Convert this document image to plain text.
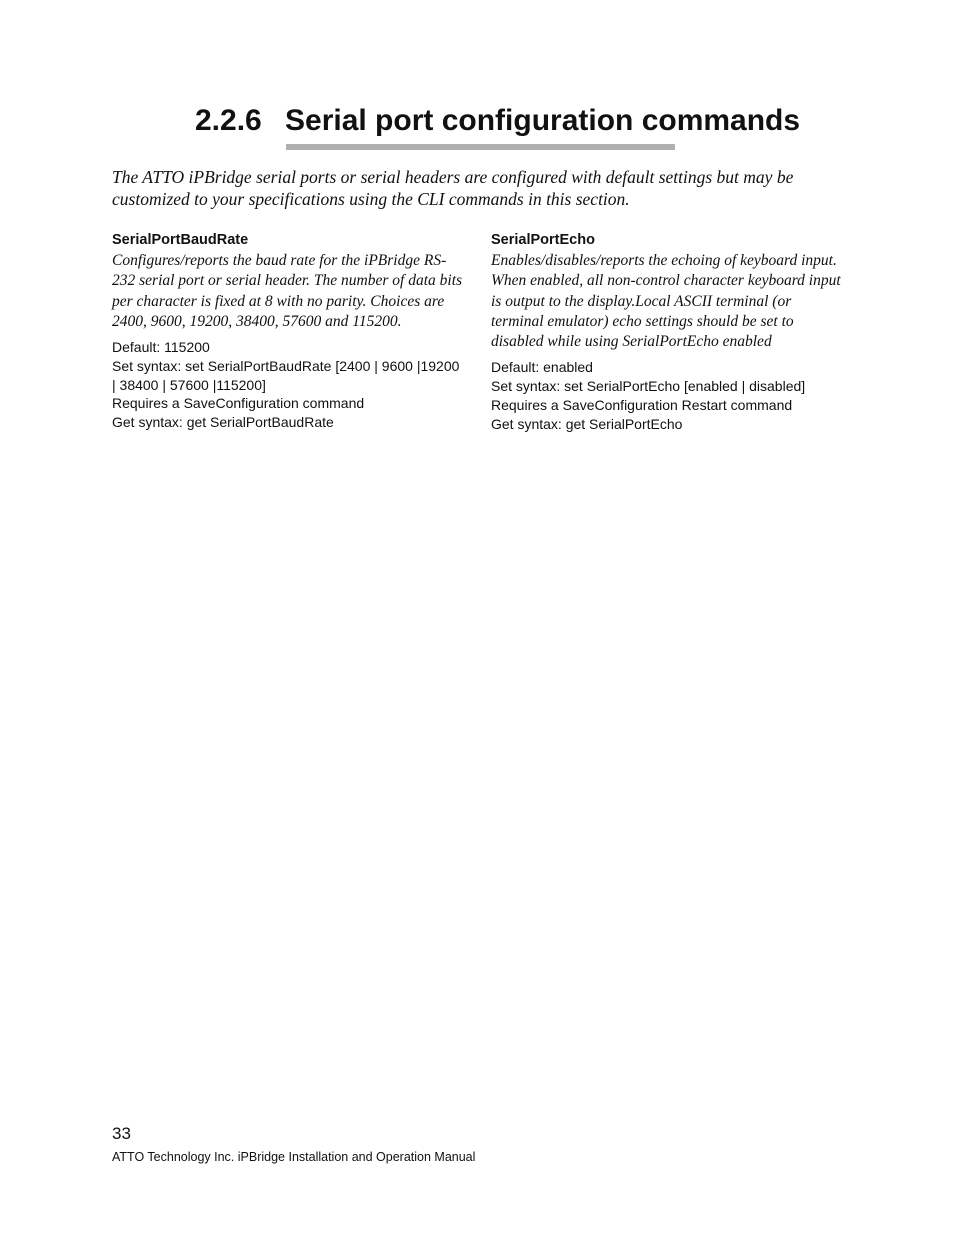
2.2.6 Serial port configuration commands

The ATTO iPBridge serial ports or serial headers are configured with default settings but may be customized to your specifications using the CLI commands in this section.

SerialPortBaudRate
Configures/reports the baud rate for the iPBridge RS-232 serial port or serial header. The number of data bits per character is fixed at 8 with no parity. Choices are 2400, 9600, 19200, 38400, 57600 and 115200.
Default: 115200
Set syntax: set SerialPortBaudRate [2400 | 9600 |19200 | 38400 | 57600 |115200]
Requires a SaveConfiguration command
Get syntax: get SerialPortBaudRate
SerialPortEcho
Enables/disables/reports the echoing of keyboard input. When enabled, all non-control character keyboard input is output to the display.Local ASCII terminal (or terminal emulator) echo settings should be set to disabled while using SerialPortEcho enabled
Default: enabled
Set syntax: set SerialPortEcho [enabled | disabled]
Requires a SaveConfiguration Restart command
Get syntax: get SerialPortEcho
33
ATTO Technology Inc. iPBridge Installation and Operation Manual
